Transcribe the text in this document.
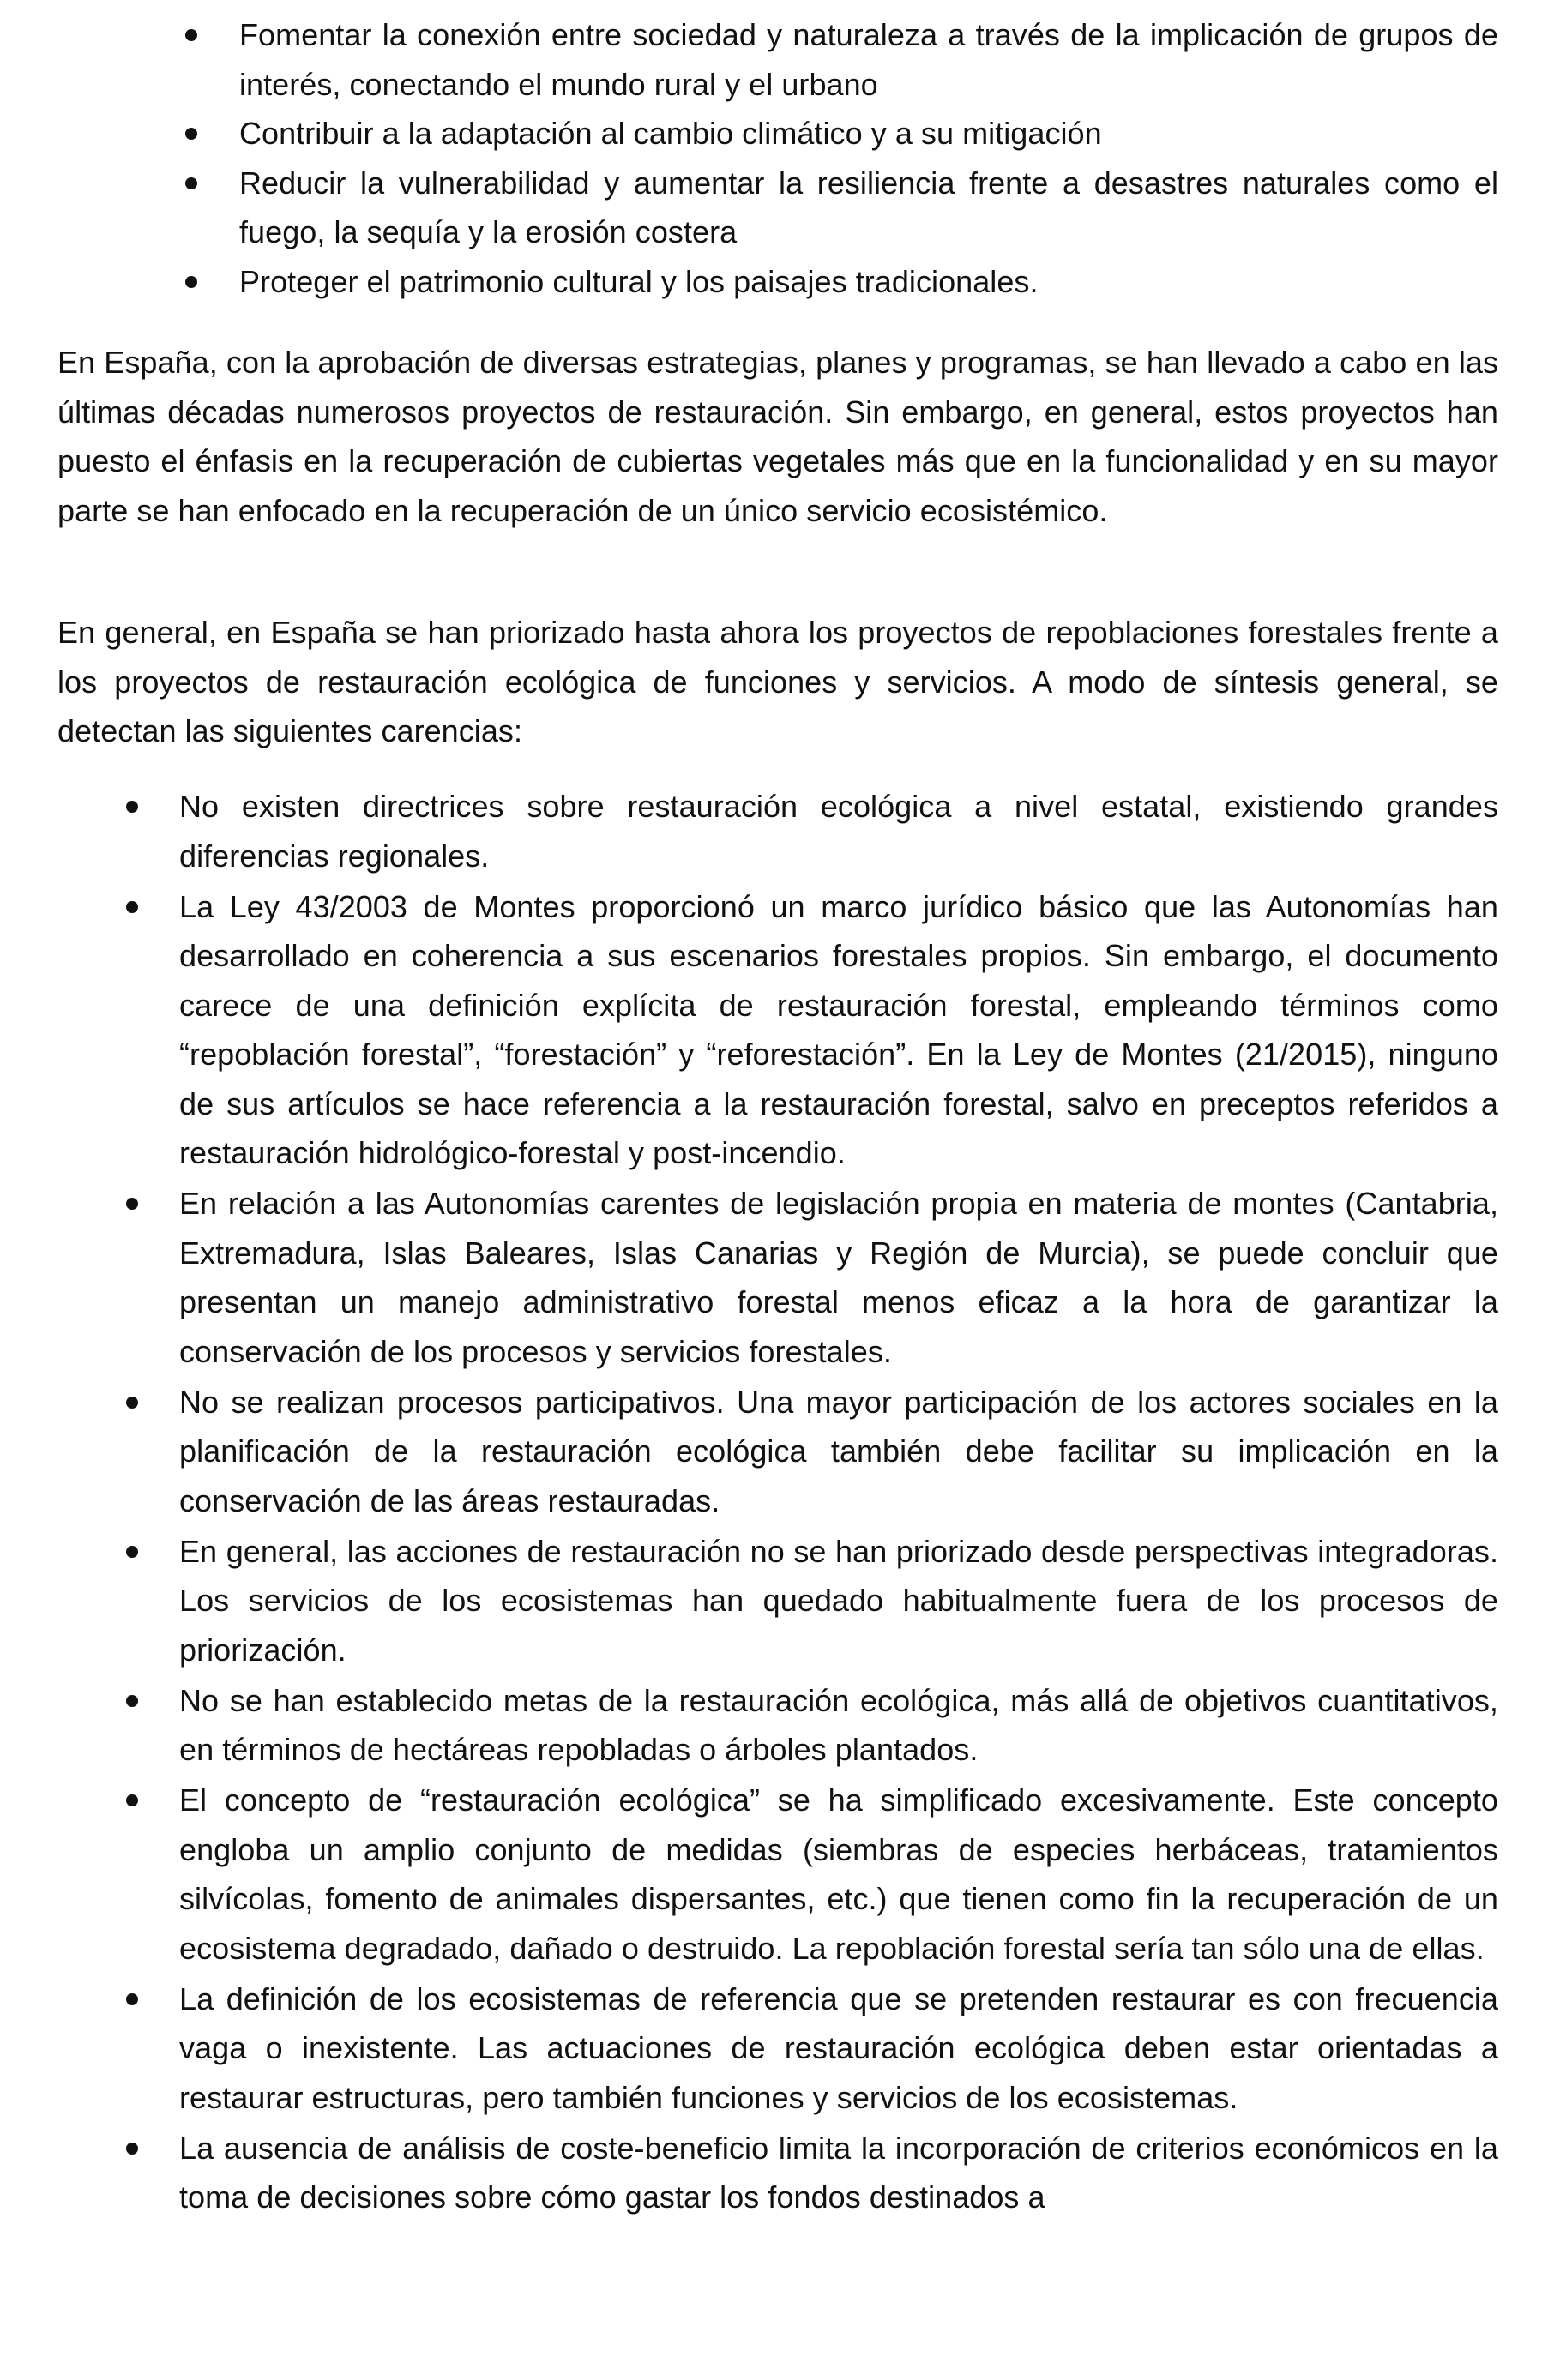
Fomentar la conexión entre sociedad y naturaleza a través de la implicación de grupos de interés, conectando el mundo rural y el urbano
Contribuir a la adaptación al cambio climático y a su mitigación
Reducir la vulnerabilidad y aumentar la resiliencia frente a desastres naturales como el fuego, la sequía y la erosión costera
Proteger el patrimonio cultural y los paisajes tradicionales.

En España, con la aprobación de diversas estrategias, planes y programas, se han llevado a cabo en las últimas décadas numerosos proyectos de restauración. Sin embargo, en general, estos proyectos han puesto el énfasis en la recuperación de cubiertas vegetales más que en la funcionalidad y en su mayor parte se han enfocado en la recuperación de un único servicio ecosistémico.

En general, en España se han priorizado hasta ahora los proyectos de repoblaciones forestales frente a los proyectos de restauración ecológica de funciones y servicios. A modo de síntesis general, se detectan las siguientes carencias:

No existen directrices sobre restauración ecológica a nivel estatal, existiendo grandes diferencias regionales.
La Ley 43/2003 de Montes proporcionó un marco jurídico básico que las Autonomías han desarrollado en coherencia a sus escenarios forestales propios. Sin embargo, el documento carece de una definición explícita de restauración forestal, empleando términos como “repoblación forestal”, “forestación” y “reforestación”. En la Ley de Montes (21/2015), ninguno de sus artículos se hace referencia a la restauración forestal, salvo en preceptos referidos a restauración hidrológico-forestal y post-incendio.
En relación a las Autonomías carentes de legislación propia en materia de montes (Cantabria, Extremadura, Islas Baleares, Islas Canarias y Región de Murcia), se puede concluir que presentan un manejo administrativo forestal menos eficaz a la hora de garantizar la conservación de los procesos y servicios forestales.
No se realizan procesos participativos. Una mayor participación de los actores sociales en la planificación de la restauración ecológica también debe facilitar su implicación en la conservación de las áreas restauradas.
En general, las acciones de restauración no se han priorizado desde perspectivas integradoras. Los servicios de los ecosistemas han quedado habitualmente fuera de los procesos de priorización.
No se han establecido metas de la restauración ecológica, más allá de objetivos cuantitativos, en términos de hectáreas repobladas o árboles plantados.
El concepto de “restauración ecológica” se ha simplificado excesivamente. Este concepto engloba un amplio conjunto de medidas (siembras de especies herbáceas, tratamientos silvícolas, fomento de animales dispersantes, etc.) que tienen como fin la recuperación de un ecosistema degradado, dañado o destruido. La repoblación forestal sería tan sólo una de ellas.
La definición de los ecosistemas de referencia que se pretenden restaurar es con frecuencia vaga o inexistente. Las actuaciones de restauración ecológica deben estar orientadas a restaurar estructuras, pero también funciones y servicios de los ecosistemas.
La ausencia de análisis de coste-beneficio limita la incorporación de criterios económicos en la toma de decisiones sobre cómo gastar los fondos destinados a
